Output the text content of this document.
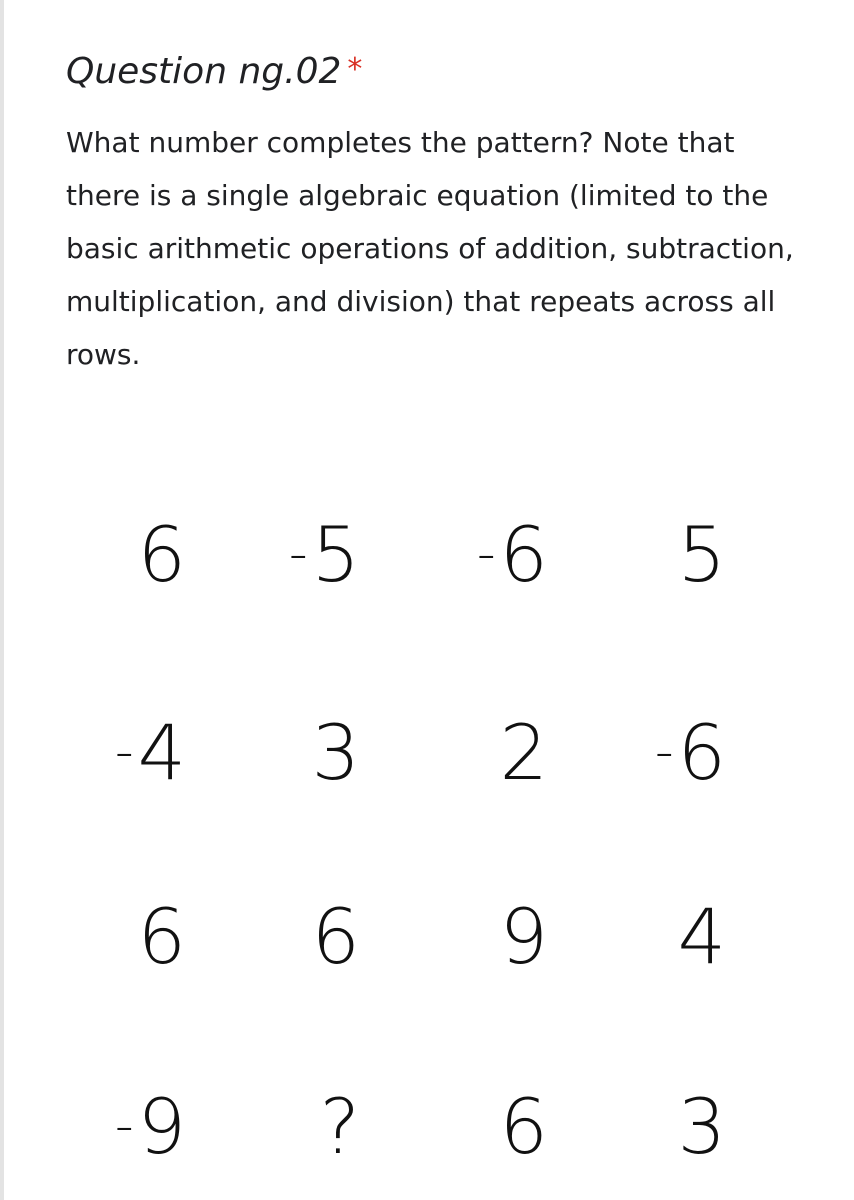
Question ng.02 *

What number completes the pattern? Note that there is a single algebraic equation (limited to the basic arithmetic operations of addition, subtraction, multiplication, and division) that repeats across all rows.

6	-5	-6	5
-4	3	2	-6
6	6	9	4
-9	?	6	3
